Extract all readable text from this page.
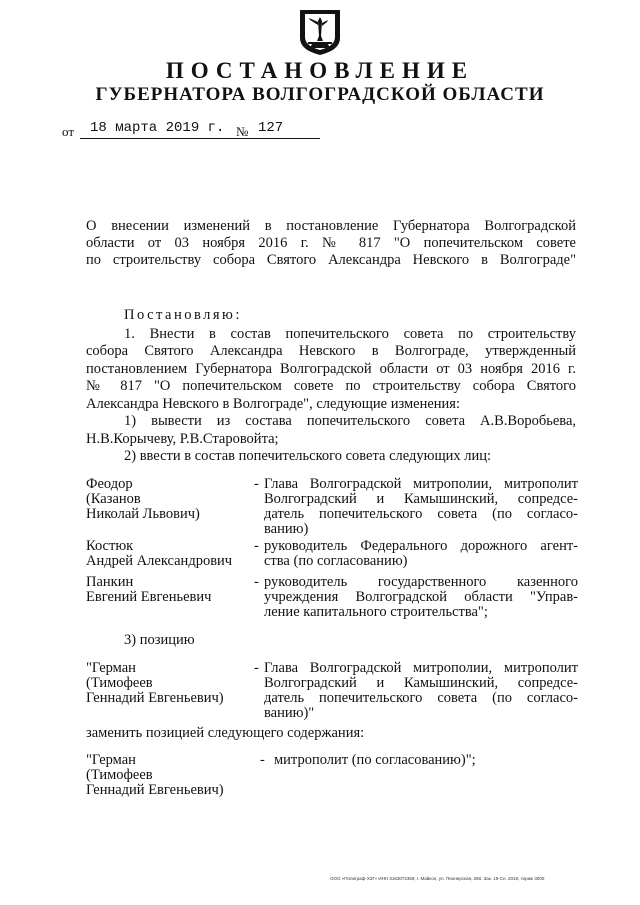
ПОСТАНОВЛЕНИЕ
ГУБЕРНАТОРА ВОЛГОГРАДСКОЙ ОБЛАСТИ
от 18 марта 2019 г. № 127
О внесении изменений в постановление Губернатора Волгоградской
области от 03 ноября 2016 г. № 817 "О попечительском совете
по строительству собора Святого Александра Невского в Волгограде"
Постановляю:
1. Внести в состав попечительского совета по строительству
собора Святого Александра Невского в Волгограде, утвержденный
постановлением Губернатора Волгоградской области от 03 ноября 2016 г.
№ 817 "О попечительском совете по строительству собора Святого
Александра Невского в Волгограде", следующие изменения:
1) вывести из состава попечительского совета А.В.Воробьева,
Н.В.Корычеву, Р.В.Старовойта;
2) ввести в состав попечительского совета следующих лиц:
Феодор
(Казанов
Николай Львович)
- Глава Волгоградской митрополии, митрополит
Волгоградский и Камышинский, сопредсе-
датель попечительского совета (по согласо-
ванию)
Костюк
Андрей Александрович
- руководитель Федерального дорожного агент-
ства (по согласованию)
Панкин
Евгений Евгеньевич
- руководитель государственного казенного
учреждения Волгоградской области "Управ-
ление капитального строительства";
3) позицию
"Герман
(Тимофеев
Геннадий Евгеньевич)
- Глава Волгоградской митрополии, митрополит
Волгоградский и Камышинский, сопредсе-
датель попечительского совета (по согласо-
ванию)"
заменить позицией следующего содержания:
"Герман
(Тимофеев
Геннадий Евгеньевич)
- митрополит (по согласованию)";
ООО «Полиграф-ХЗГ» ИНН 3163072369, г. Майкоп, ул. Пионерская, 268. Зак. 19-Сн. 2019, тираж 3000
